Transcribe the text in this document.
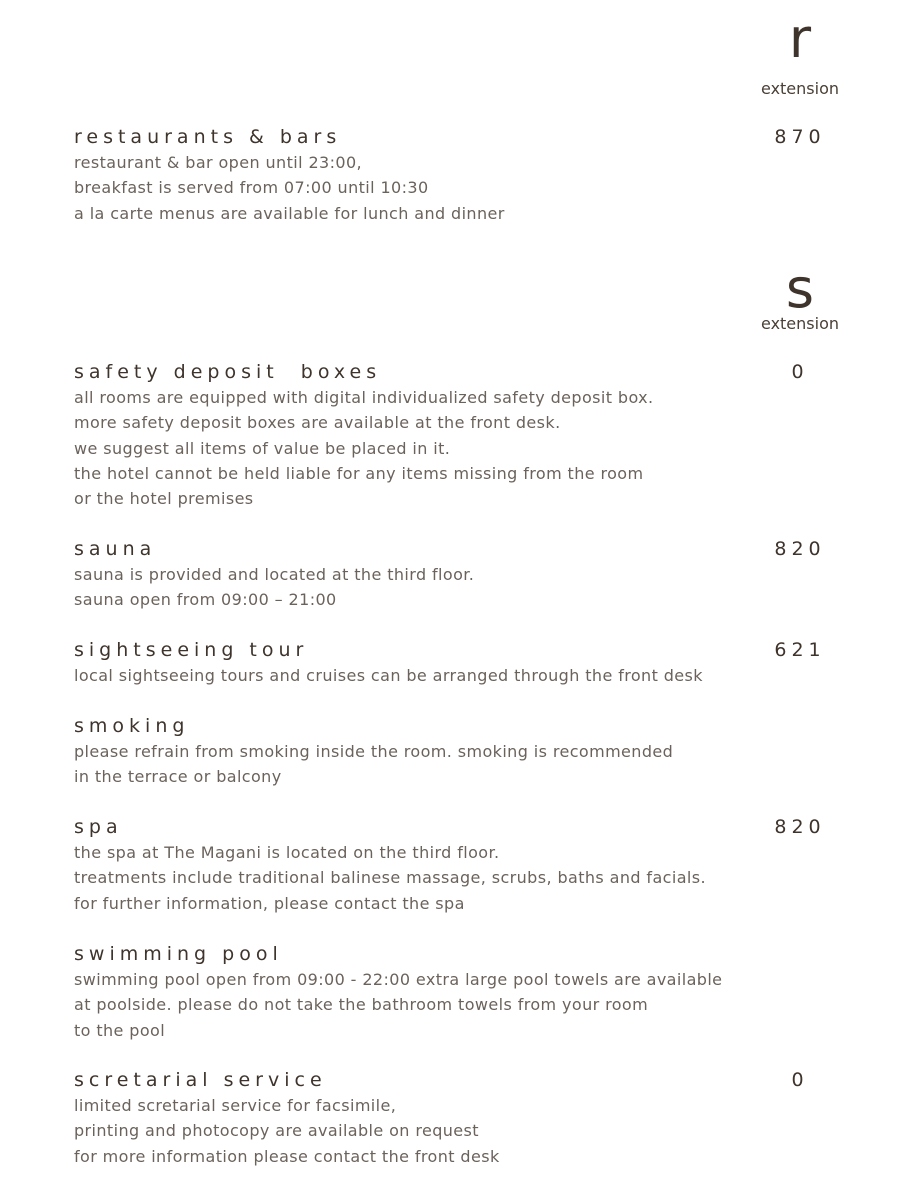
r
extension
restaurants & bars	870
restaurant & bar open until 23:00,
breakfast is served from 07:00 until 10:30
a la carte menus are available for lunch and dinner
s
extension
safety deposit  boxes	0
all rooms are equipped with digital individualized safety deposit box.
more safety deposit boxes are available at the front desk.
we suggest all items of value be placed in it.
the hotel cannot be held liable for any items missing from the room
or the hotel premises
sauna	820
sauna is provided and located at the third floor.
sauna open from 09:00 – 21:00
sightseeing tour	621
local sightseeing tours and cruises can be arranged through the front desk
smoking
please refrain from smoking inside the room. smoking is recommended
in the terrace or balcony
spa	820
the spa at The Magani is located on the third floor.
treatments include traditional balinese massage, scrubs, baths and facials.
for further information, please contact the spa
swimming pool
swimming pool open from 09:00 - 22:00 extra large pool towels are available
at poolside. please do not take the bathroom towels from your room
to the pool
scretarial service	0
limited scretarial service for facsimile,
printing and photocopy are available on request
for more information please contact the front desk
